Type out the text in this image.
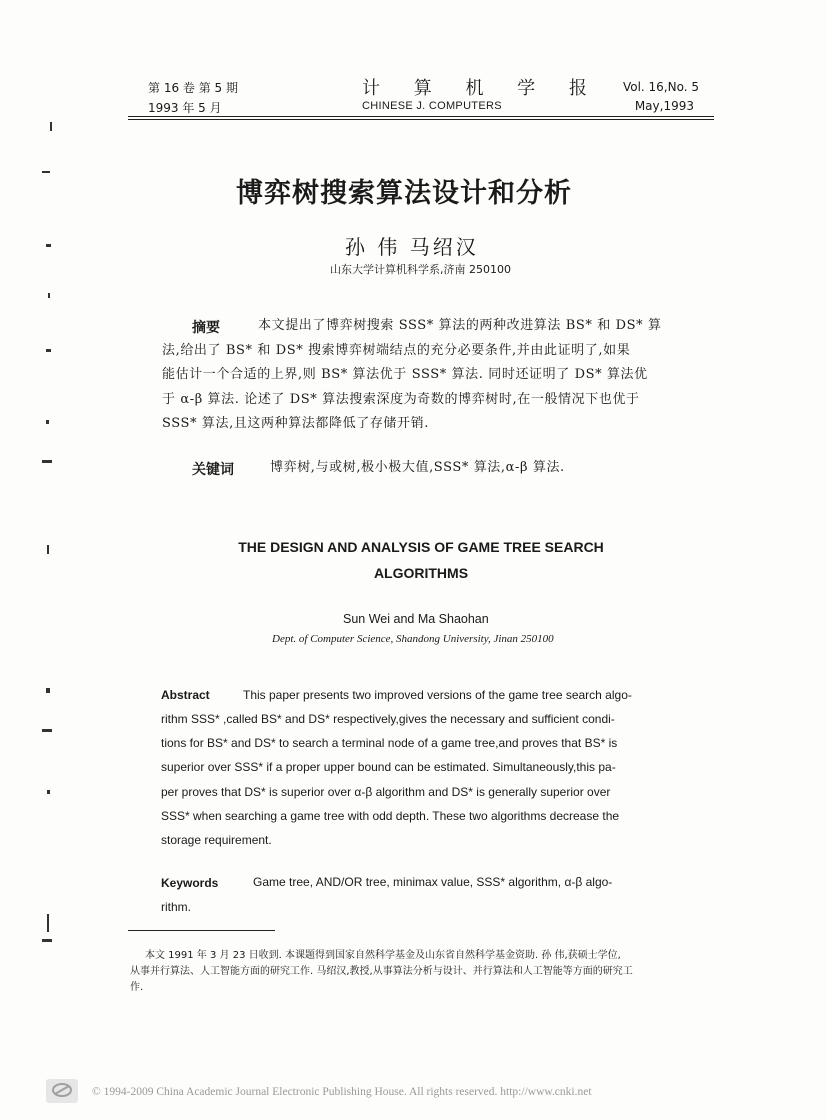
第 16 卷 第 5 期
1993 年 5 月
计 算 机 学 报
CHINESE J. COMPUTERS
Vol. 16,No. 5
May,1993
博弈树搜索算法设计和分析
孙 伟 马绍汉
山东大学计算机科学系,济南 250100
摘要	本文提出了博弈树搜索 SSS* 算法的两种改进算法 BS* 和 DS* 算
法,给出了 BS* 和 DS* 搜索博弈树端结点的充分必要条件,并由此证明了,如果
能估计一个合适的上界,则 BS* 算法优于 SSS* 算法. 同时还证明了 DS* 算法优
于 α-β 算法. 论述了 DS* 算法搜索深度为奇数的博弈树时,在一般情况下也优于
SSS* 算法,且这两种算法都降低了存储开销.
关键词	博弈树,与或树,极小极大值,SSS* 算法,α-β 算法.
THE DESIGN AND ANALYSIS OF GAME TREE SEARCH
ALGORITHMS
Sun Wei and Ma Shaohan
Dept. of Computer Science, Shandong University, Jinan 250100
Abstract	This paper presents two improved versions of the game tree search algo-
rithm SSS* ,called BS* and DS* respectively,gives the necessary and sufficient condi-
tions for BS* and DS* to search a terminal node of a game tree,and proves that BS* is
superior over SSS* if a proper upper bound can be estimated. Simultaneously,this pa-
per proves that DS* is superior over α-β algorithm and DS* is generally superior over
SSS* when searching a game tree with odd depth. These two algorithms decrease the
storage requirement.
Keywords	Game tree, AND/OR tree, minimax value, SSS* algorithm, α-β algo-
rithm.
本文 1991 年 3 月 23 日收到. 本课题得到国家自然科学基金及山东省自然科学基金资助. 孙 伟,获硕士学位,
从事并行算法、人工智能方面的研究工作. 马绍汉,教授,从事算法分析与设计、并行算法和人工智能等方面的研究工
作.
© 1994-2009 China Academic Journal Electronic Publishing House. All rights reserved. http://www.cnki.net
